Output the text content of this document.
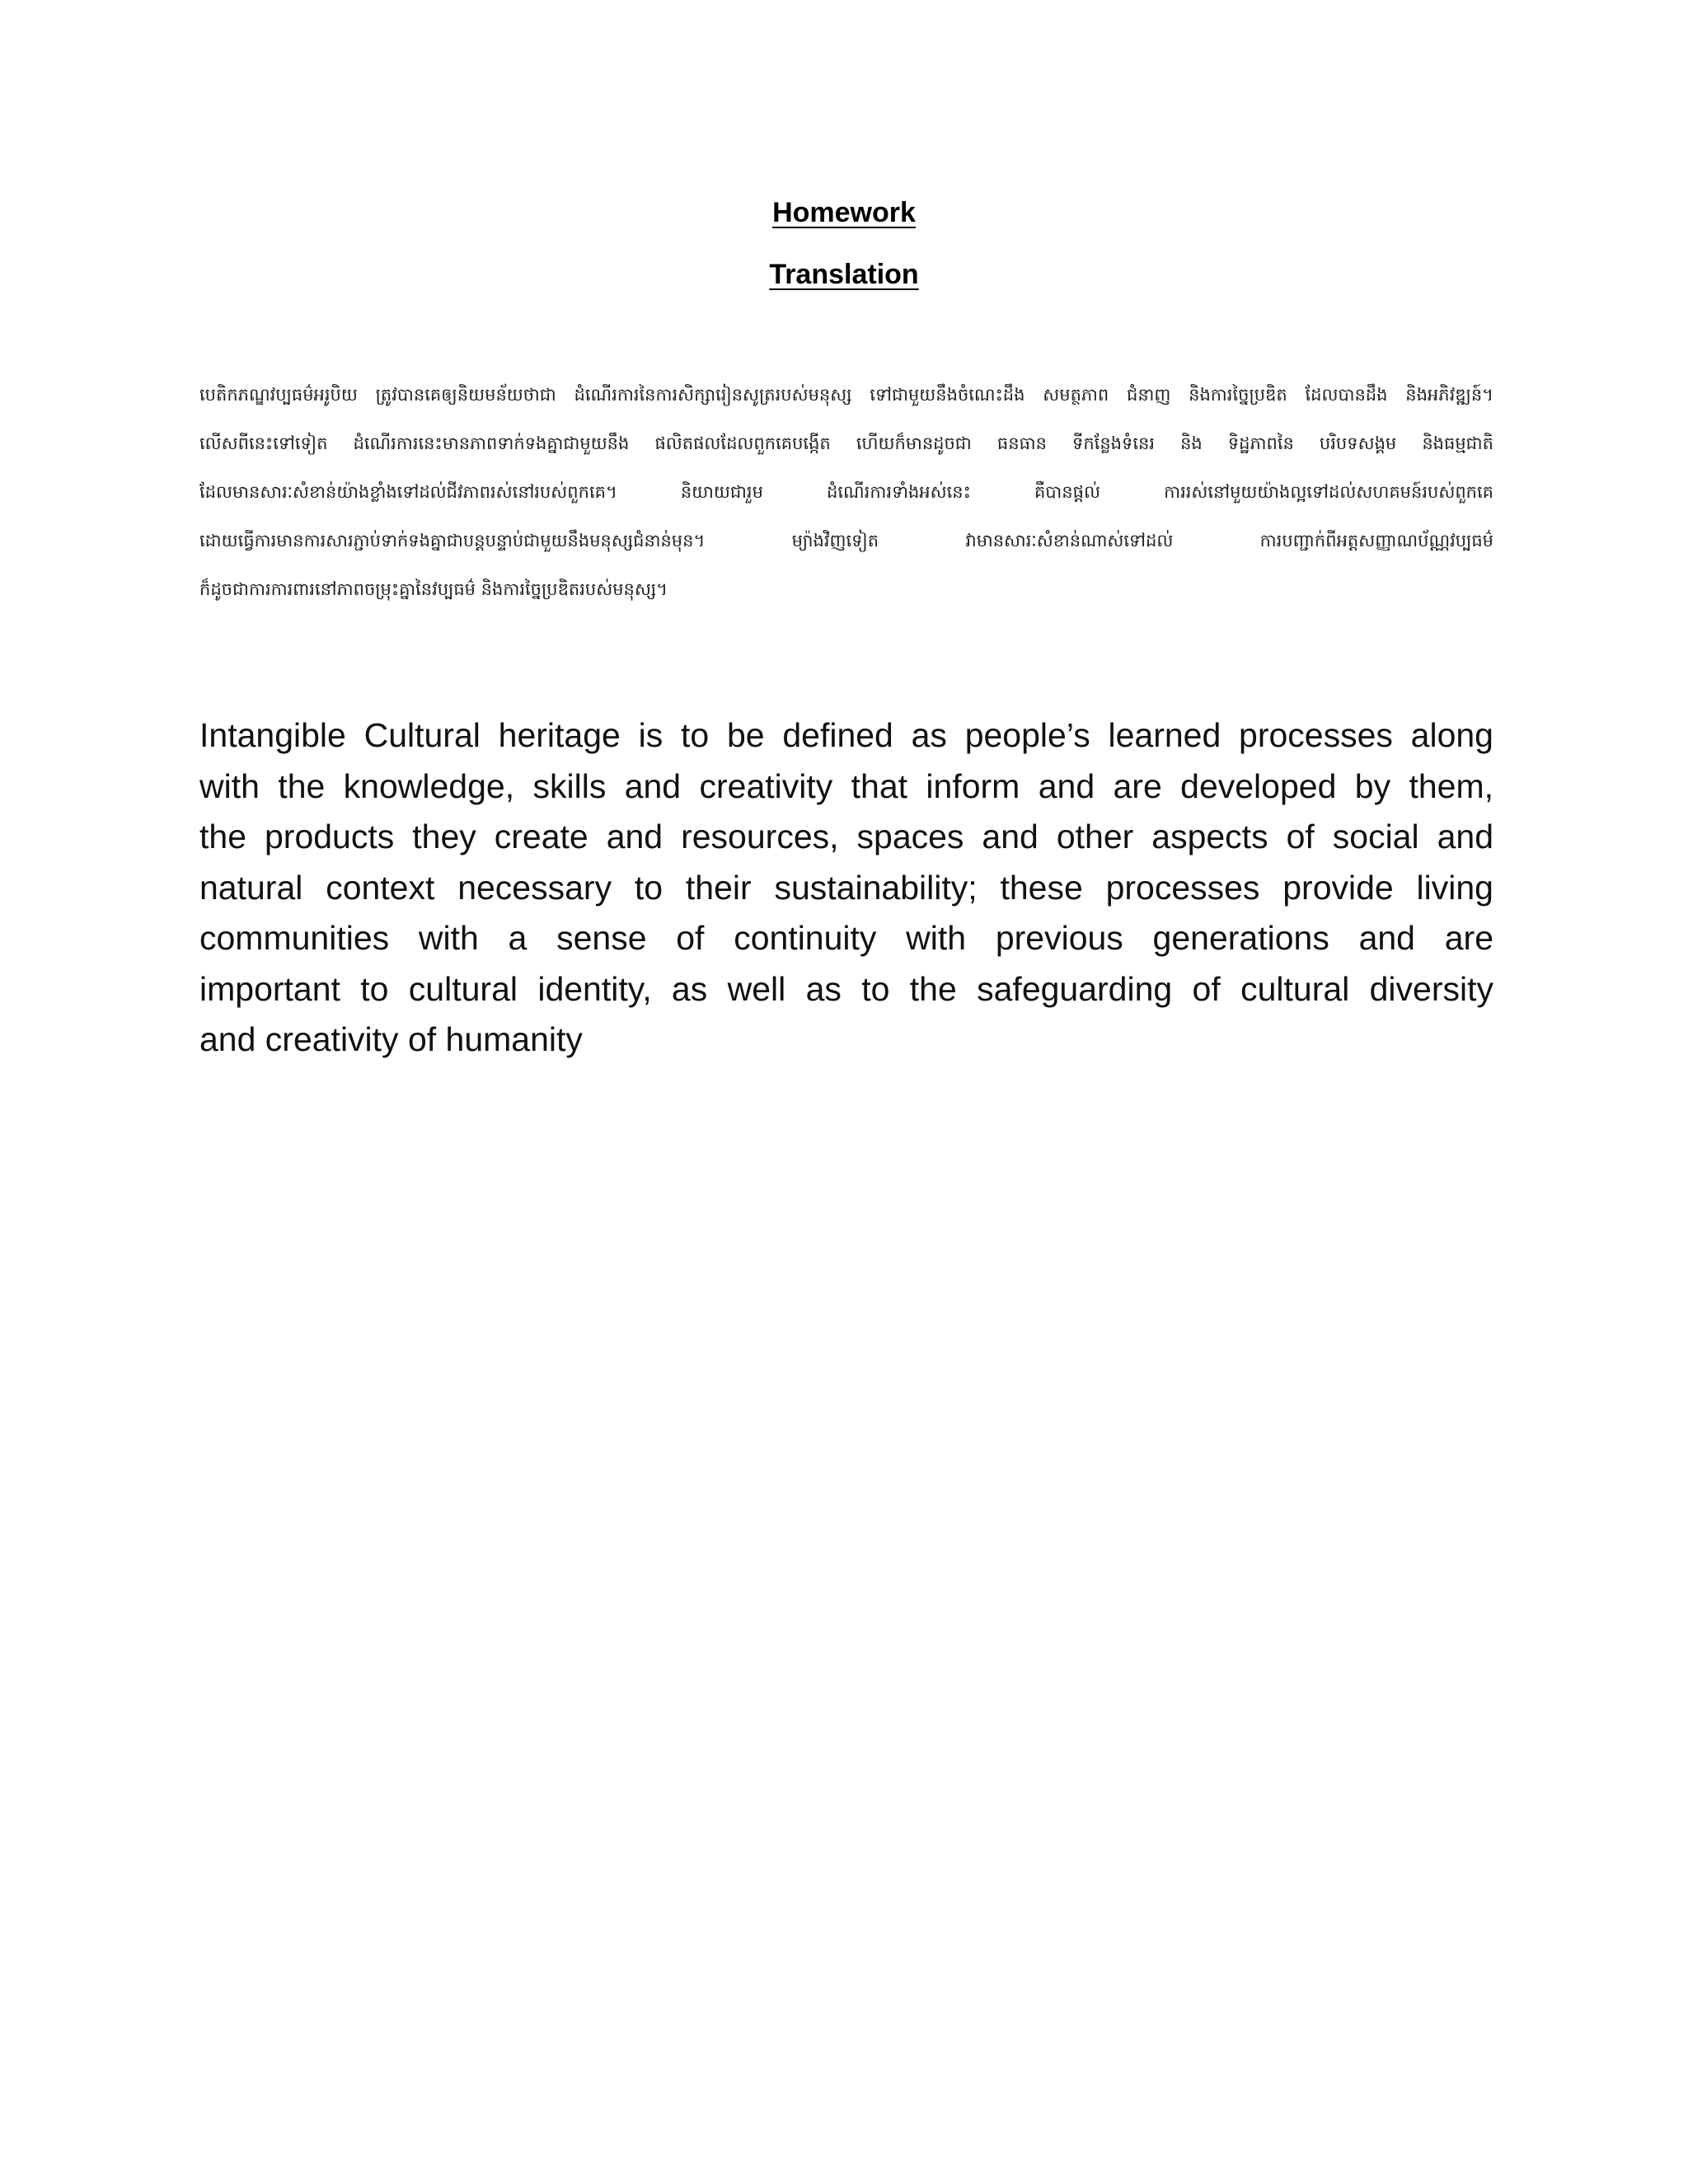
Homework
Translation
បេតិកភណ្ឌវប្បធម៌អរូបិយ ត្រូវបានគេឲ្យនិយមន័យថាជា ដំណើរការនៃការសិក្សារៀនសូត្ររបស់មនុស្ស ទៅជាមួយនឹងចំណេះដឹង សមត្ថភាព ជំនាញ និងការច្នៃប្រឌិត ដែលបានដឹង និងអភិវឌ្ឍន៍។
លើសពីនេះទៅទៀត ដំណើរការនេះមានភាពទាក់ទងគ្នាជាមួយនឹង ផលិតផលដែលពួកគេបង្កើត ហើយក៏មានដូចជា ធនធាន ទីកន្លែងទំនេរ និង ទិដ្ឋភាពនៃ បរិបទសង្គម និងធម្មជាតិ
ដែលមានសារៈសំខាន់យ៉ាងខ្លាំងទៅដល់ជីវភាពរស់នៅរបស់ពួកគេ។ និយាយជារួម ដំណើរការទាំងអស់នេះ គឺបានផ្តល់ ការរស់នៅមួយយ៉ាងល្អទៅដល់សហគមន៍របស់ពួកគេ
ដោយធ្វើការមានការសារភ្ជាប់ទាក់ទងគ្នាជាបន្តបន្ទាប់ជាមួយនឹងមនុស្សជំនាន់មុន។ ម្យ៉ាងវិញទៀត វាមានសារៈសំខាន់ណាស់ទៅដល់ ការបញ្ជាក់ពីអត្តសញ្ញាណប័ណ្ណវប្បធម៌
ក៏ដូចជាការការពារនៅភាពចម្រុះគ្នានៃវប្បធម៌ និងការច្នៃប្រឌិតរបស់មនុស្ស។
Intangible Cultural heritage is to be defined as people’s learned processes along
with the knowledge, skills and creativity that inform and are developed by them,
the products they create and resources, spaces and other aspects of social and
natural context necessary to their sustainability; these processes provide living
communities with a sense of continuity with previous generations and are
important to cultural identity, as well as to the safeguarding of cultural diversity
and creativity of humanity
